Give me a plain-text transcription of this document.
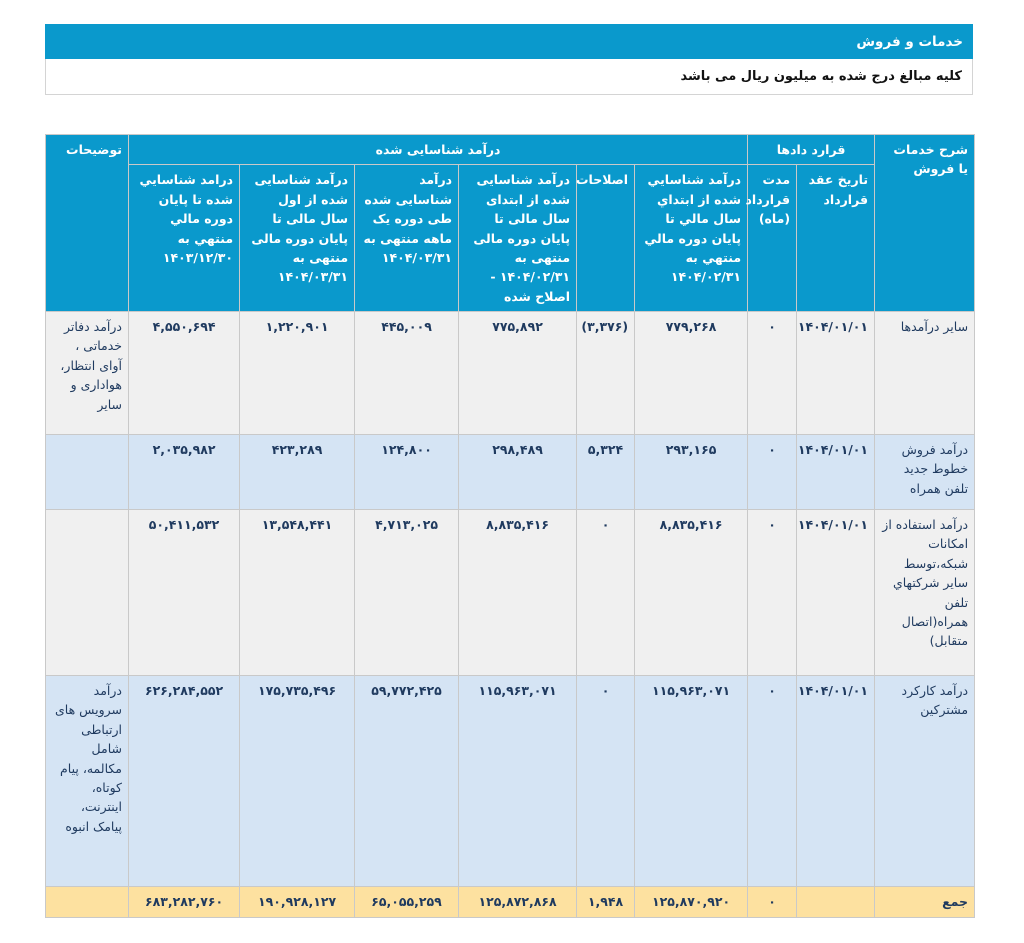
خدمات و فروش
کلیه مبالغ درج شده به میلیون ریال می باشد
شرح خدمات یا فروش	قرارد دادها		درآمد شناسایی شده						توضیحات
	تاریخ عقد قرارداد	مدت قرارداد (ماه)	درآمد شناسايي شده از ابتداي سال مالي تا پايان دوره مالي منتهي به ۱۴۰۴/۰۲/۳۱	اصلاحات	درآمد شناسایی شده از ابتدای سال مالی تا پایان دوره مالی منتهی به ۱۴۰۴/۰۲/۳۱ - اصلاح شده	درآمد شناسایی شده طی دوره یک ماهه منتهی به ۱۴۰۴/۰۳/۳۱	درآمد شناسایی شده از اول سال مالی تا پایان دوره مالی منتهی به ۱۴۰۴/۰۳/۳۱	درامد شناسايي شده تا پايان دوره مالي منتهي به ۱۴۰۳/۱۲/۳۰	
سایر درآمدها	۱۴۰۴/۰۱/۰۱	۰	۷۷۹,۲۶۸	(۳,۳۷۶)	۷۷۵,۸۹۲	۴۴۵,۰۰۹	۱,۲۲۰,۹۰۱	۴,۵۵۰,۶۹۴	درآمد دفاتر خدماتی ، آوای انتظار، هواداری و سایر
درآمد فروش خطوط جدید تلفن همراه	۱۴۰۴/۰۱/۰۱	۰	۲۹۳,۱۶۵	۵,۳۲۴	۲۹۸,۴۸۹	۱۲۴,۸۰۰	۴۲۳,۲۸۹	۲,۰۳۵,۹۸۲	
درآمد استفاده از امکانات شبکه،توسط سایر شرکتهاي تلفن همراه(اتصال متقابل)	۱۴۰۴/۰۱/۰۱	۰	۸,۸۳۵,۴۱۶	۰	۸,۸۳۵,۴۱۶	۴,۷۱۳,۰۲۵	۱۳,۵۴۸,۴۴۱	۵۰,۴۱۱,۵۳۲	
درآمد کارکرد مشترکین	۱۴۰۴/۰۱/۰۱	۰	۱۱۵,۹۶۳,۰۷۱	۰	۱۱۵,۹۶۳,۰۷۱	۵۹,۷۷۲,۴۲۵	۱۷۵,۷۳۵,۴۹۶	۶۲۶,۲۸۴,۵۵۲	درآمد سرویس های ارتباطی شامل مکالمه، پیام کوتاه، اینترنت، پیامک انبوه
جمع		۰	۱۲۵,۸۷۰,۹۲۰	۱,۹۴۸	۱۲۵,۸۷۲,۸۶۸	۶۵,۰۵۵,۲۵۹	۱۹۰,۹۲۸,۱۲۷	۶۸۳,۲۸۲,۷۶۰	
